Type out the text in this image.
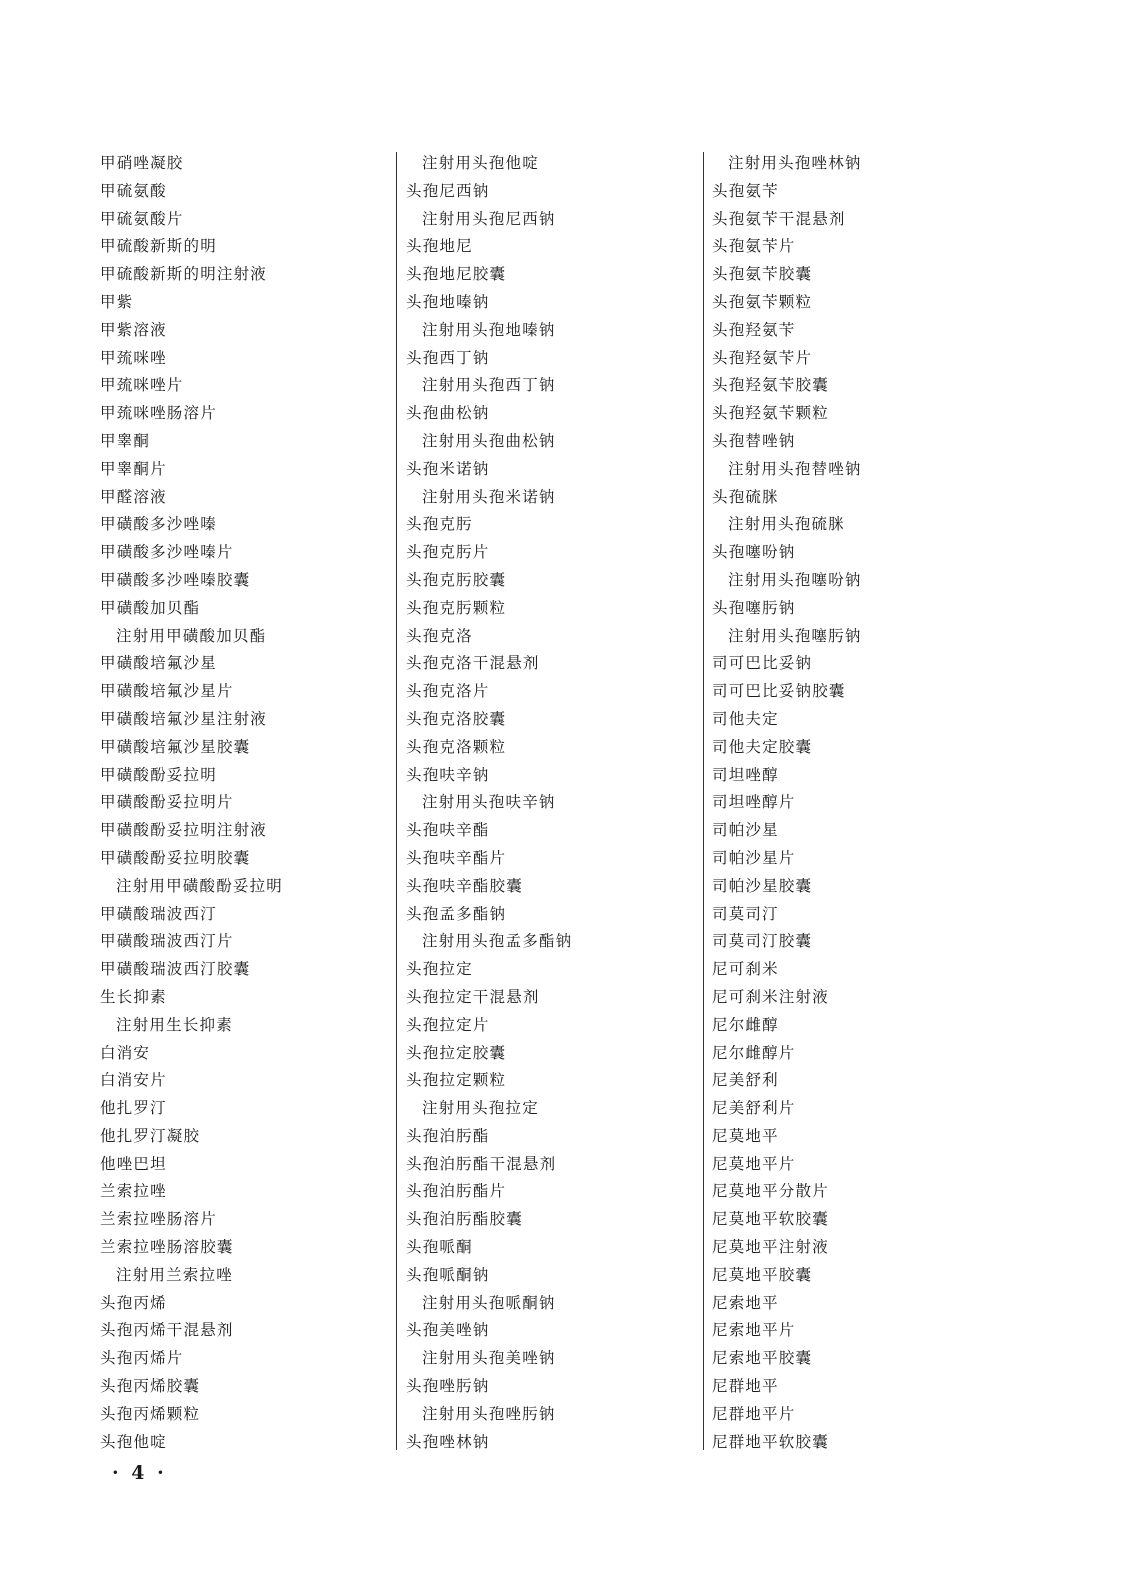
甲硝唑凝胶
甲硫氨酸
甲硫氨酸片
甲硫酸新斯的明
甲硫酸新斯的明注射液
甲紫
甲紫溶液
甲巯咪唑
甲巯咪唑片
甲巯咪唑肠溶片
甲睾酮
甲睾酮片
甲醛溶液
甲磺酸多沙唑嗪
甲磺酸多沙唑嗪片
甲磺酸多沙唑嗪胶囊
甲磺酸加贝酯
注射用甲磺酸加贝酯
甲磺酸培氟沙星
甲磺酸培氟沙星片
甲磺酸培氟沙星注射液
甲磺酸培氟沙星胶囊
甲磺酸酚妥拉明
甲磺酸酚妥拉明片
甲磺酸酚妥拉明注射液
甲磺酸酚妥拉明胶囊
注射用甲磺酸酚妥拉明
甲磺酸瑞波西汀
甲磺酸瑞波西汀片
甲磺酸瑞波西汀胶囊
生长抑素
注射用生长抑素
白消安
白消安片
他扎罗汀
他扎罗汀凝胶
他唑巴坦
兰索拉唑
兰索拉唑肠溶片
兰索拉唑肠溶胶囊
注射用兰索拉唑
头孢丙烯
头孢丙烯干混悬剂
头孢丙烯片
头孢丙烯胶囊
头孢丙烯颗粒
头孢他啶
注射用头孢他啶
头孢尼西钠
注射用头孢尼西钠
头孢地尼
头孢地尼胶囊
头孢地嗪钠
注射用头孢地嗪钠
头孢西丁钠
注射用头孢西丁钠
头孢曲松钠
注射用头孢曲松钠
头孢米诺钠
注射用头孢米诺钠
头孢克肟
头孢克肟片
头孢克肟胶囊
头孢克肟颗粒
头孢克洛
头孢克洛干混悬剂
头孢克洛片
头孢克洛胶囊
头孢克洛颗粒
头孢呋辛钠
注射用头孢呋辛钠
头孢呋辛酯
头孢呋辛酯片
头孢呋辛酯胶囊
头孢孟多酯钠
注射用头孢孟多酯钠
头孢拉定
头孢拉定干混悬剂
头孢拉定片
头孢拉定胶囊
头孢拉定颗粒
注射用头孢拉定
头孢泊肟酯
头孢泊肟酯干混悬剂
头孢泊肟酯片
头孢泊肟酯胶囊
头孢哌酮
头孢哌酮钠
注射用头孢哌酮钠
头孢美唑钠
注射用头孢美唑钠
头孢唑肟钠
注射用头孢唑肟钠
头孢唑林钠
注射用头孢唑林钠
头孢氨苄
头孢氨苄干混悬剂
头孢氨苄片
头孢氨苄胶囊
头孢氨苄颗粒
头孢羟氨苄
头孢羟氨苄片
头孢羟氨苄胶囊
头孢羟氨苄颗粒
头孢替唑钠
注射用头孢替唑钠
头孢硫脒
注射用头孢硫脒
头孢噻吩钠
注射用头孢噻吩钠
头孢噻肟钠
注射用头孢噻肟钠
司可巴比妥钠
司可巴比妥钠胶囊
司他夫定
司他夫定胶囊
司坦唑醇
司坦唑醇片
司帕沙星
司帕沙星片
司帕沙星胶囊
司莫司汀
司莫司汀胶囊
尼可刹米
尼可刹米注射液
尼尔雌醇
尼尔雌醇片
尼美舒利
尼美舒利片
尼莫地平
尼莫地平片
尼莫地平分散片
尼莫地平软胶囊
尼莫地平注射液
尼莫地平胶囊
尼索地平
尼索地平片
尼索地平胶囊
尼群地平
尼群地平片
尼群地平软胶囊
· 4 ·
